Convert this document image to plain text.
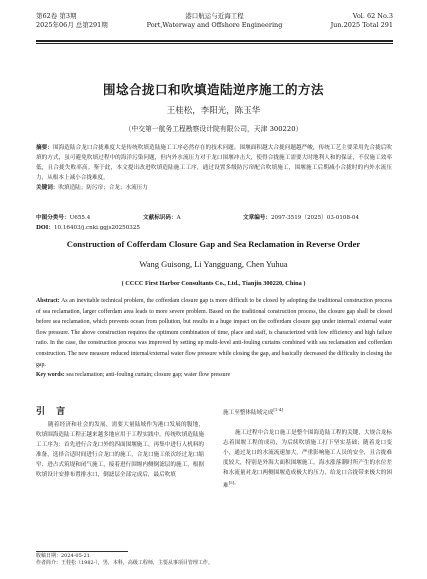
第62卷 第3期
2025年06月 总第291期
港口航运与近海工程
Port,Waterway and Offshore Engineering
Vol. 62 No.3
Jun.2025 Total 291
围埝合拢口和吹填造陆逆序施工的方法
王桂松，李阳光，陈玉华
（中交第一航务工程勘察设计院有限公司，天津 300220）
摘要：围海造陆合龙口合拢难度大是传统吹填造陆施工工序必然存在的技术问题。围堰面积越大合拢问题越严峻，传统工艺主要采用先合拢后吹填的方式，虽可避免吹填过程中的海洋污染问题，但内外水流压力对于龙口围堰冲击大，使得合拢施工需要大时地利人和的保证，不仅施工效率低，且合拢失败率高。鉴于此，本文提出改进吹填造陆施工工序，通过设置多级防污帘配合吹填施工，围堰施工后期减小合拢时的内外水流压力，从根本上减小合拢难度。
关键词：吹填造陆；防污帘；合龙；水流压力
中图分类号：U655.4	文献标识码：A	文章编号：2097-3519（2025）03-0108-04
DOI：10.16403/j.cnki.ggjs20250325
Construction of Cofferdam Closure Gap and Sea Reclamation in Reverse Order
Wang Guisong, Li Yangguang, Chen Yuhua
( CCCC First Harbor Consultants Co., Ltd., Tianjin 300220, China )
Abstract: As an inevitable technical problem, the cofferdam closure gap is more difficult to be closed by adopting the traditional construction process of sea reclamation, larger cofferdam area leads to more severe problem. Based on the traditional construction process, the closure gap shall be closed before sea reclamation, which prevents ocean from pollution, but results in a huge impact on the cofferdam closure gap under internal/ external water flow pressure. The above construction requires the optimum combination of time, place and staff, is characterized with low efficiency and high failure ratio. In the case, the construction process was improved by setting up multi-level anti-fouling curtains combined with sea reclamation and cofferdam construction. The new measure reduced internal/external water flow pressure while closing the gap, and basically decreased the difficulty in closing the gap.
Key words: sea reclamation; anti-fouling curtain; closure gap; water flow pressure
引 言
随着经济和社会的发展，需要大量陆域作为港口发展的腹地，吹填围海造陆工程正越来越多地应用于工程实践中。传统吹填造陆施工工序为：首先进行合龙口外的四面围堰施工，再集中进行人机料的准备，选择合适时间进行合龙口的施工，合龙口施工依次经过龙口缩窄、进占式筑堤和闭气施工，接着进行围堰内侧倒滤层的施工，根据吹填设计安排布置排水口，倒滤层全部完成后，最后吹填
施工至整体陆域完成[1-4]
施工过程中合龙口施工是整个围海造陆工程的关键，大规合龙标志着围堰工程的成功，为后续吹填施工打下坚实基础；随着龙口变小，通过龙口的水流流速加大，严重影响施工人员的安全，且合拢难度较大，特别是外海大面积围堰施工，海水涨落潮时所产生的水位差和水流量对龙口两侧围堰造成极大的压力，给龙口合拢带来极大的困难$^{[5]。}$
收稿日期：2024-05-21
作者简介：王桂松（1982-），男，本科，高级工程师，主要从事项目管理工作。
